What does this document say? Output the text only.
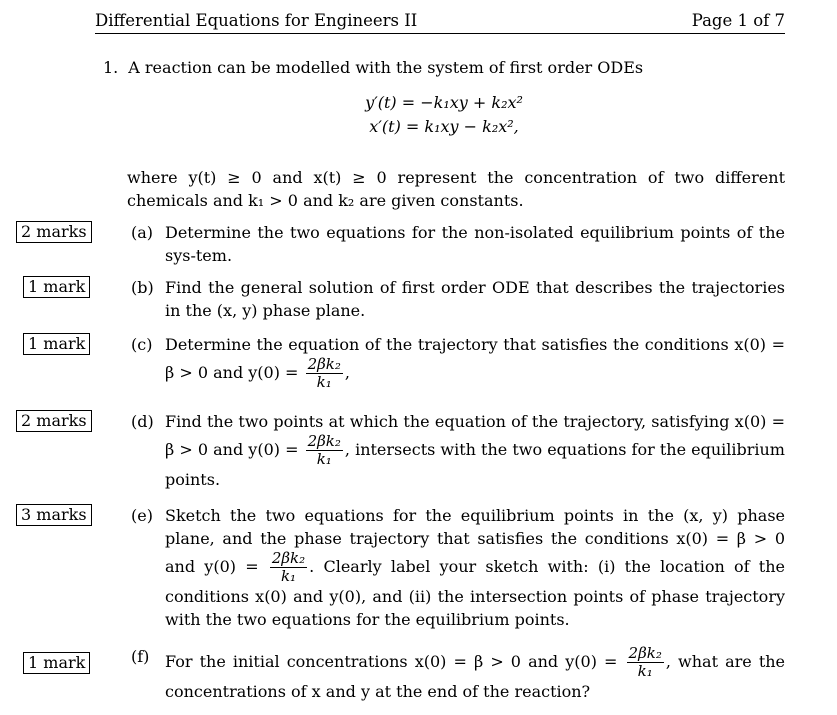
Differential Equations for Engineers II	Page 1 of 7
1. A reaction can be modelled with the system of first order ODEs
y′(t) = −k₁xy + k₂x²
x′(t) = k₁xy − k₂x²,
where y(t) ≥ 0 and x(t) ≥ 0 represent the concentration of two different chemicals and k₁ > 0 and k₂ are given constants.
2 marks	(a) Determine the two equations for the non-isolated equilibrium points of the sys-tem.
1 mark	(b) Find the general solution of first order ODE that describes the trajectories in the (x, y) phase plane.
1 mark	(c) Determine the equation of the trajectory that satisfies the conditions x(0) = β > 0 and $y(0) = \frac{\text{2βk₂}}{\text{k₁}}$ ,
2 marks	(d) Find the two points at which the equation of the trajectory, satisfying x(0) = β > 0 and $y(0) = \frac{\text{2βk₂}}{\text{k₁}}$ , intersects with the two equations for the equilibrium points.
3 marks	(e) Sketch the two equations for the equilibrium points in the (x, y) phase plane, and the phase trajectory that satisfies the conditions x(0) = β > 0 and $y(0) = \frac{\text{2βk₂}}{\text{k₁}}$ . Clearly label your sketch with: (i) the location of the conditions x(0) and y(0), and (ii) the intersection points of phase trajectory with the two equations for the equilibrium points.
1 mark	(f) For the initial concentrations x(0) = β > 0 and $y(0) = \frac{\text{2βk₂}}{\text{k₁}}$ , what are the concentrations of x and y at the end of the reaction?
